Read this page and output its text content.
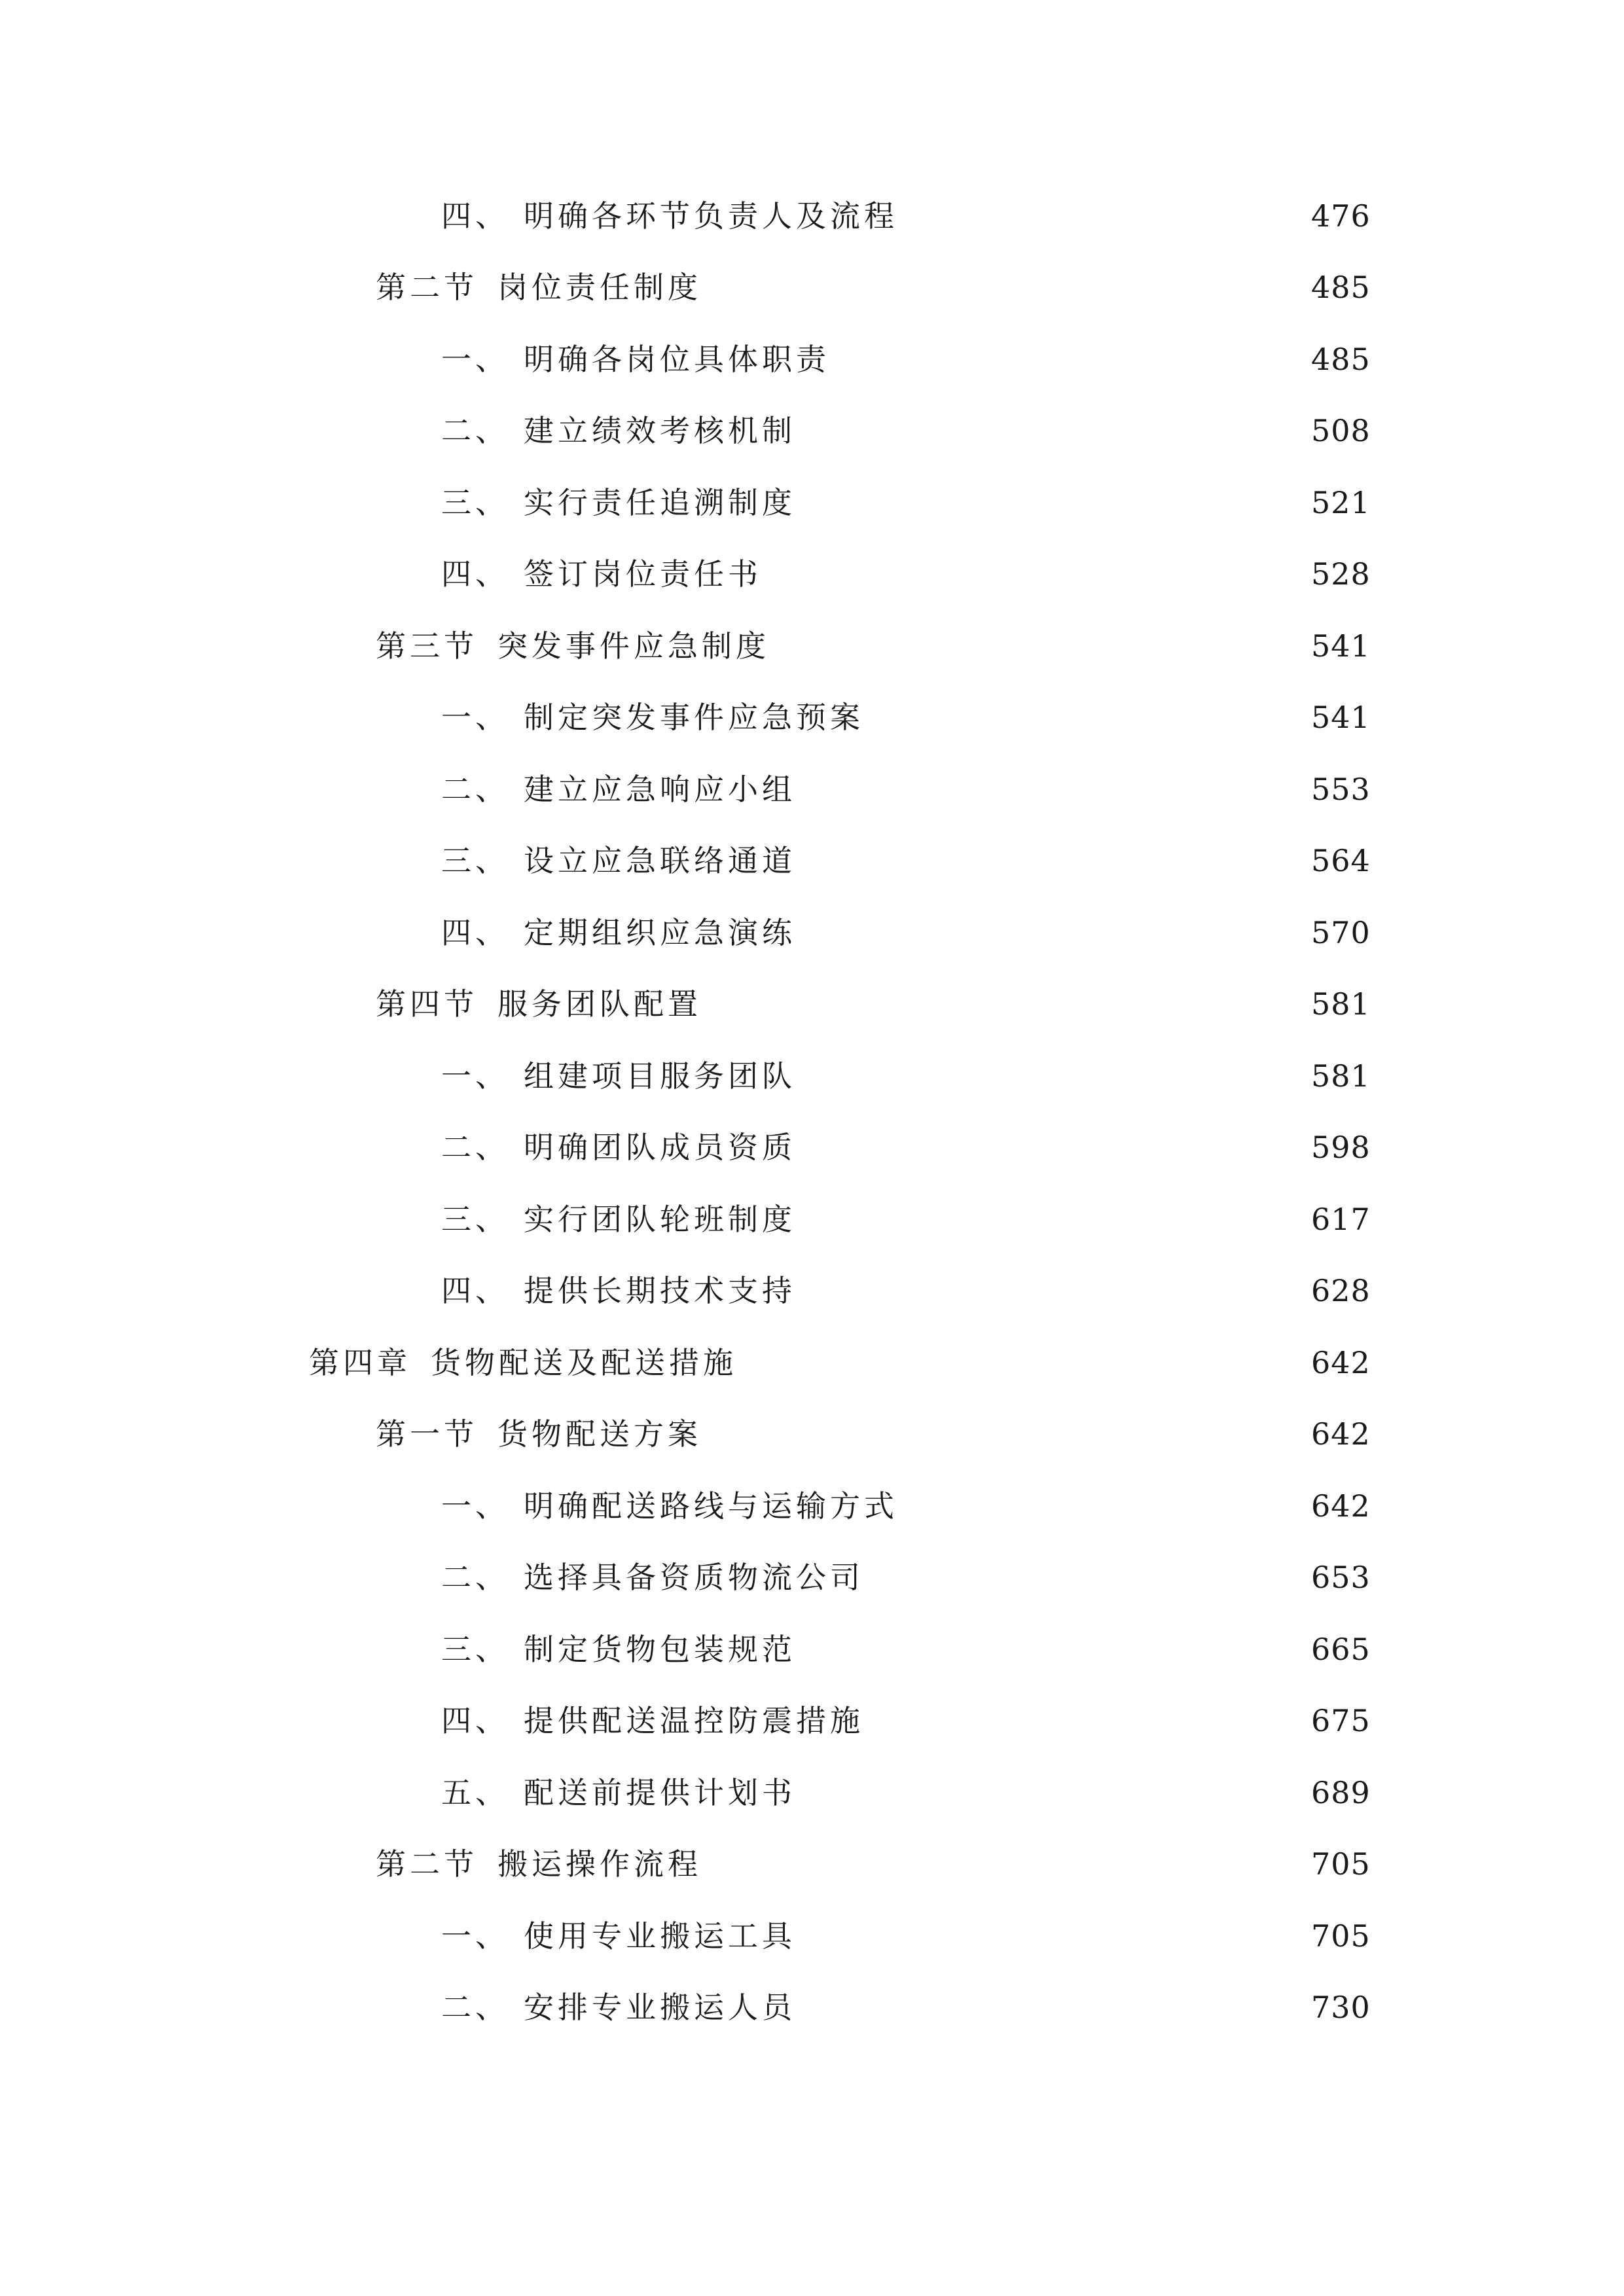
四、 明确各环节负责人及流程	476
第二节 岗位责任制度	485
一、 明确各岗位具体职责	485
二、 建立绩效考核机制	508
三、 实行责任追溯制度	521
四、 签订岗位责任书	528
第三节 突发事件应急制度	541
一、 制定突发事件应急预案	541
二、 建立应急响应小组	553
三、 设立应急联络通道	564
四、 定期组织应急演练	570
第四节 服务团队配置	581
一、 组建项目服务团队	581
二、 明确团队成员资质	598
三、 实行团队轮班制度	617
四、 提供长期技术支持	628
第四章 货物配送及配送措施	642
第一节 货物配送方案	642
一、 明确配送路线与运输方式	642
二、 选择具备资质物流公司	653
三、 制定货物包装规范	665
四、 提供配送温控防震措施	675
五、 配送前提供计划书	689
第二节 搬运操作流程	705
一、 使用专业搬运工具	705
二、 安排专业搬运人员	730
